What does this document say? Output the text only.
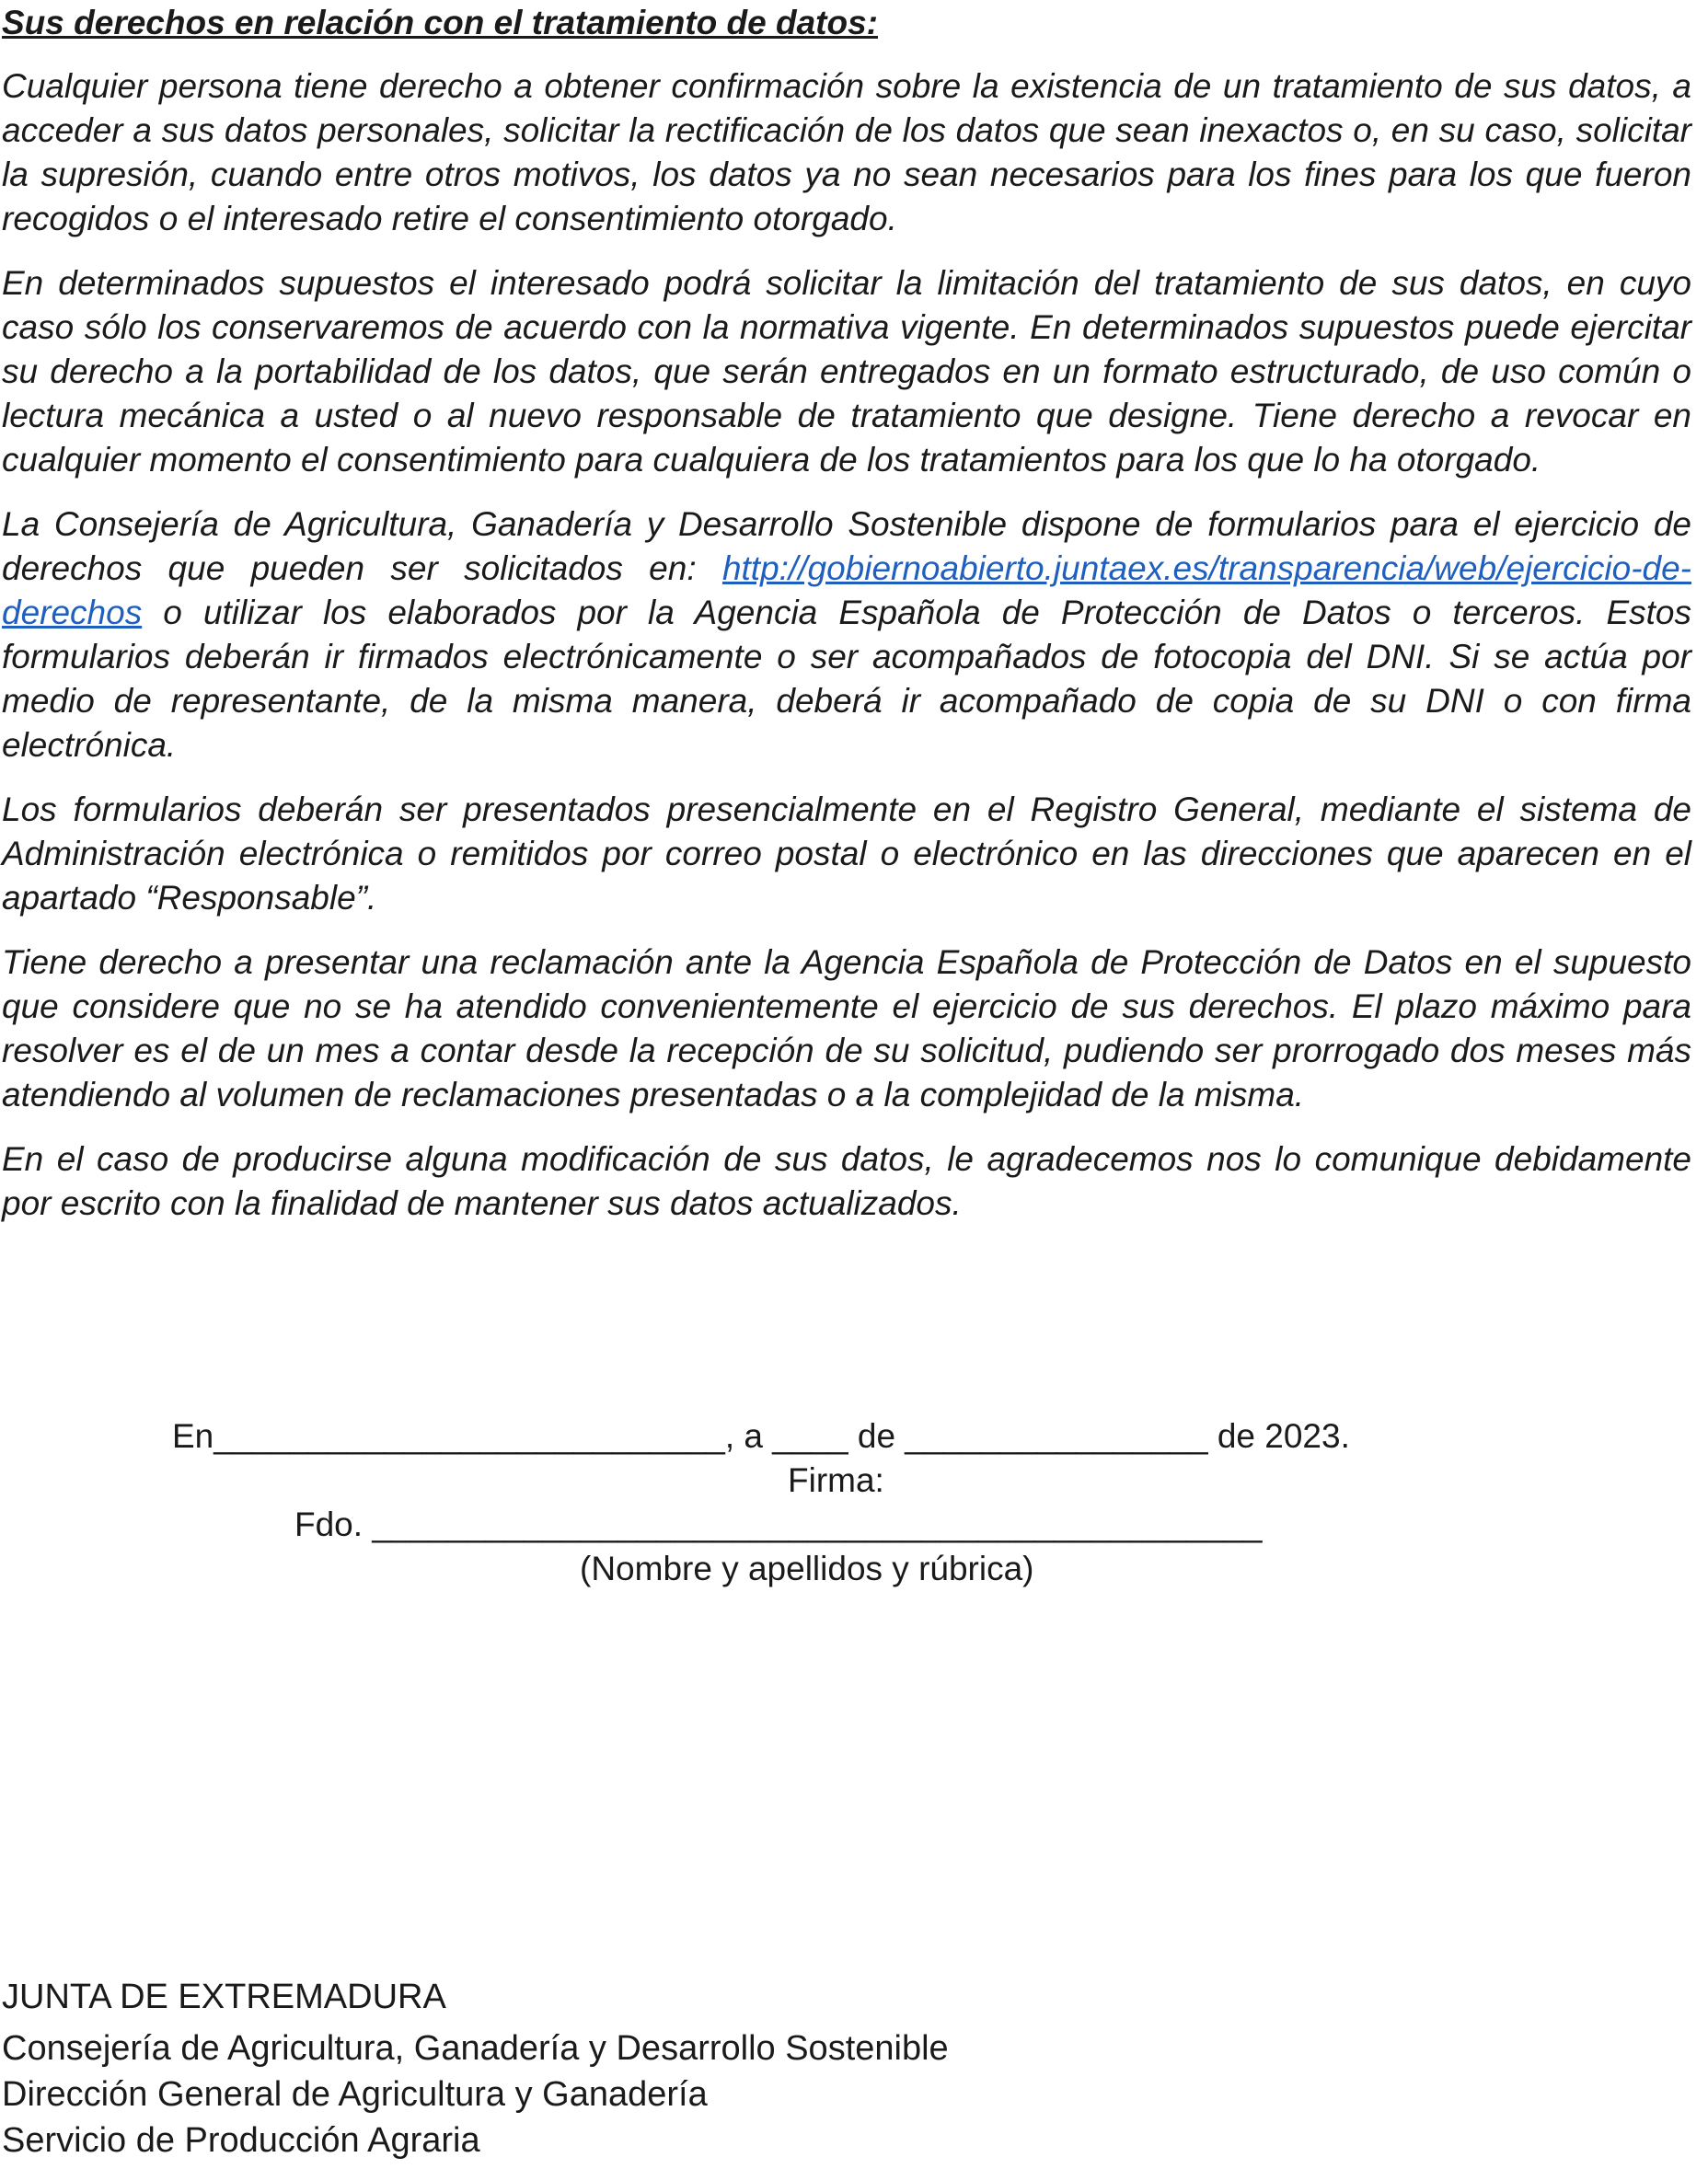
Sus derechos en relación con el tratamiento de datos:

Cualquier persona tiene derecho a obtener confirmación sobre la existencia de un tratamiento de sus datos, a acceder a sus datos personales, solicitar la rectificación de los datos que sean inexactos o, en su caso, solicitar la supresión, cuando entre otros motivos, los datos ya no sean necesarios para los fines para los que fueron recogidos o el interesado retire el consentimiento otorgado.

En determinados supuestos el interesado podrá solicitar la limitación del tratamiento de sus datos, en cuyo caso sólo los conservaremos de acuerdo con la normativa vigente. En determinados supuestos puede ejercitar su derecho a la portabilidad de los datos, que serán entregados en un formato estructurado, de uso común o lectura mecánica a usted o al nuevo responsable de tratamiento que designe. Tiene derecho a revocar en cualquier momento el consentimiento para cualquiera de los tratamientos para los que lo ha otorgado.

La Consejería de Agricultura, Ganadería y Desarrollo Sostenible dispone de formularios para el ejercicio de derechos que pueden ser solicitados en: http://gobiernoabierto.juntaex.es/transparencia/web/ejercicio-de-derechos o utilizar los elaborados por la Agencia Española de Protección de Datos o terceros. Estos formularios deberán ir firmados electrónicamente o ser acompañados de fotocopia del DNI. Si se actúa por medio de representante, de la misma manera, deberá ir acompañado de copia de su DNI o con firma electrónica.

Los formularios deberán ser presentados presencialmente en el Registro General, mediante el sistema de Administración electrónica o remitidos por correo postal o electrónico en las direcciones que aparecen en el apartado “Responsable”.

Tiene derecho a presentar una reclamación ante la Agencia Española de Protección de Datos en el supuesto que considere que no se ha atendido convenientemente el ejercicio de sus derechos. El plazo máximo para resolver es el de un mes a contar desde la recepción de su solicitud, pudiendo ser prorrogado dos meses más atendiendo al volumen de reclamaciones presentadas o a la complejidad de la misma.

En el caso de producirse alguna modificación de sus datos, le agradecemos nos lo comunique debidamente por escrito con la finalidad de mantener sus datos actualizados.

En___________________________, a ____ de ________________ de 2023.
Firma:
Fdo. _______________________________________________
(Nombre y apellidos y rúbrica)
JUNTA DE EXTREMADURA
Consejería de Agricultura, Ganadería y Desarrollo Sostenible
Dirección General de Agricultura y Ganadería
Servicio de Producción Agraria
